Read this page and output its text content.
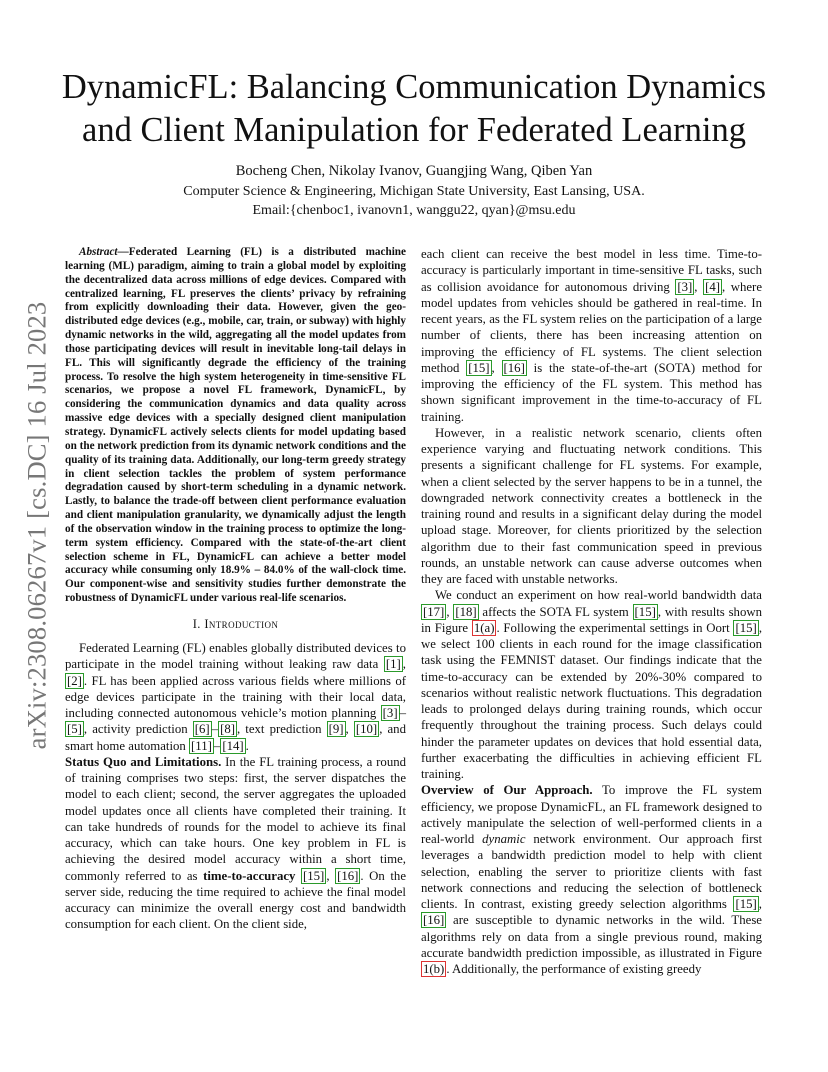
arXiv:2308.06267v1 [cs.DC] 16 Jul 2023
DynamicFL: Balancing Communication Dynamics
and Client Manipulation for Federated Learning
Bocheng Chen, Nikolay Ivanov, Guangjing Wang, Qiben Yan
Computer Science & Engineering, Michigan State University, East Lansing, USA.
Email:{chenboc1, ivanovn1, wanggu22, qyan}@msu.edu

Abstract—Federated Learning (FL) is a distributed machine learning (ML) paradigm, aiming to train a global model by exploiting the decentralized data across millions of edge devices. Compared with centralized learning, FL preserves the clients’ privacy by refraining from explicitly downloading their data. However, given the geo-distributed edge devices (e.g., mobile, car, train, or subway) with highly dynamic networks in the wild, aggregating all the model updates from those participating devices will result in inevitable long-tail delays in FL. This will significantly degrade the efficiency of the training process. To resolve the high system heterogeneity in time-sensitive FL scenarios, we propose a novel FL framework, DynamicFL, by considering the communication dynamics and data quality across massive edge devices with a specially designed client manipulation strategy. DynamicFL actively selects clients for model updating based on the network prediction from its dynamic network conditions and the quality of its training data. Additionally, our long-term greedy strategy in client selection tackles the problem of system performance degradation caused by short-term scheduling in a dynamic network. Lastly, to balance the trade-off between client performance evaluation and client manipulation granularity, we dynamically adjust the length of the observation window in the training process to optimize the long-term system efficiency. Compared with the state-of-the-art client selection scheme in FL, DynamicFL can achieve a better model accuracy while consuming only 18.9% – 84.0% of the wall-clock time. Our component-wise and sensitivity studies further demonstrate the robustness of DynamicFL under various real-life scenarios.

I. Introduction

Federated Learning (FL) enables globally distributed devices to participate in the model training without leaking raw data [1] , [2] . FL has been applied across various fields where millions of edge devices participate in the training with their local data, including connected autonomous vehicle’s motion planning [3] –[5] , activity prediction [6] – [8] , text prediction [9] , [10] , and smart home automation [11] – [14] .

Status Quo and Limitations. In the FL training process, a round of training comprises two steps: first, the server dispatches the model to each client; second, the server aggregates the uploaded model updates once all clients have completed their training. It can take hundreds of rounds for the model to achieve its final accuracy, which can take hours. One key problem in FL is achieving the desired model accuracy within a short time, commonly referred to as time-to-accuracy [15] , [16] . On the server side, reducing the time required to achieve the final model accuracy can minimize the overall energy cost and bandwidth consumption for each client. On the client side,

each client can receive the best model in less time. Time-to-accuracy is particularly important in time-sensitive FL tasks, such as collision avoidance for autonomous driving [3] , [4] , where model updates from vehicles should be gathered in real-time. In recent years, as the FL system relies on the participation of a large number of clients, there has been increasing attention on improving the efficiency of FL systems. The client selection method [15] , [16] is the state-of-the-art (SOTA) method for improving the efficiency of the FL system. This method has shown significant improvement in the time-to-accuracy of FL training.

However, in a realistic network scenario, clients often experience varying and fluctuating network conditions. This presents a significant challenge for FL systems. For example, when a client selected by the server happens to be in a tunnel, the downgraded network connectivity creates a bottleneck in the training round and results in a significant delay during the model upload stage. Moreover, for clients prioritized by the selection algorithm due to their fast communication speed in previous rounds, an unstable network can cause adverse outcomes when they are faced with unstable networks.

We conduct an experiment on how real-world bandwidth data [17] , [18] affects the SOTA FL system [15] , with results shown in Figure 1(a) . Following the experimental settings in Oort [15] , we select 100 clients in each round for the image classification task using the FEMNIST dataset. Our findings indicate that the time-to-accuracy can be extended by 20%-30% compared to scenarios without realistic network fluctuations. This degradation leads to prolonged delays during training rounds, which occur frequently throughout the training process. Such delays could hinder the parameter updates on devices that hold essential data, further exacerbating the difficulties in achieving efficient FL training.

Overview of Our Approach. To improve the FL system efficiency, we propose DynamicFL, an FL framework designed to actively manipulate the selection of well-performed clients in a real-world dynamic network environment. Our approach first leverages a bandwidth prediction model to help with client selection, enabling the server to prioritize clients with fast network connections and reducing the selection of bottleneck clients. In contrast, existing greedy selection algorithms [15] , [16] are susceptible to dynamic networks in the wild. These algorithms rely on data from a single previous round, making accurate bandwidth prediction impossible, as illustrated in Figure 1(b) . Additionally, the performance of existing greedy
